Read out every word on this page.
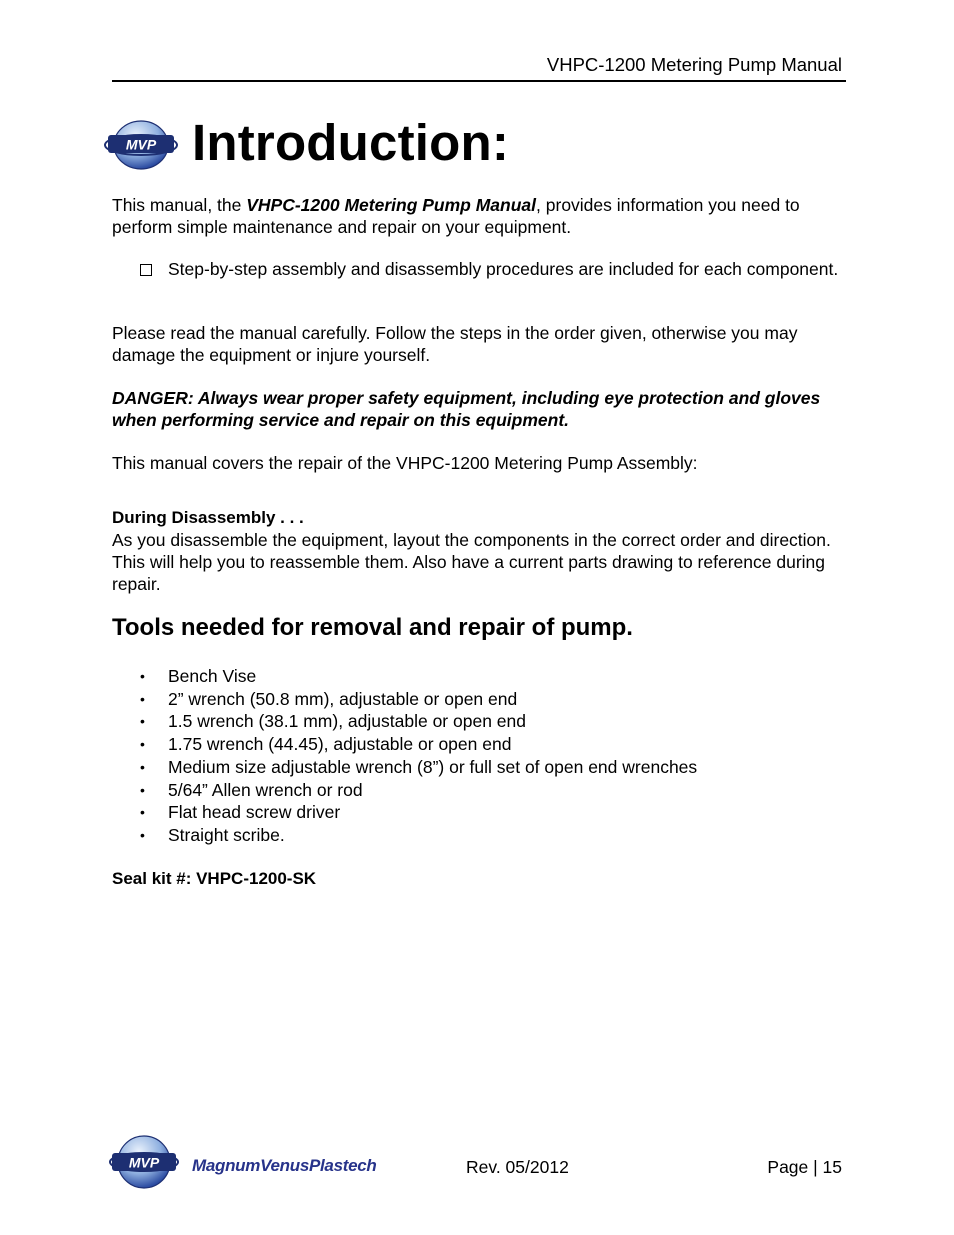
VHPC-1200 Metering Pump Manual
MVP Introduction:
This manual, the VHPC-1200 Metering Pump Manual, provides information you need to perform simple maintenance and repair on your equipment.
Step-by-step assembly and disassembly procedures are included for each component.
Please read the manual carefully. Follow the steps in the order given, otherwise you may damage the equipment or injure yourself.
DANGER: Always wear proper safety equipment, including eye protection and gloves when performing service and repair on this equipment.
This manual covers the repair of the VHPC-1200 Metering Pump Assembly:
During Disassembly . . .
As you disassemble the equipment, layout the components in the correct order and direction. This will help you to reassemble them. Also have a current parts drawing to reference during repair.
Tools needed for removal and repair of pump.
•	Bench Vise
•	2” wrench (50.8 mm), adjustable or open end
•	1.5 wrench (38.1 mm), adjustable or open end
•	1.75 wrench (44.45), adjustable or open end
•	Medium size adjustable wrench (8”) or full set of open end wrenches
•	5/64” Allen wrench or rod
•	Flat head screw driver
•	Straight scribe.
Seal kit #: VHPC-1200-SK
MVP MagnumVenusPlastech	Rev. 05/2012	Page | 15
